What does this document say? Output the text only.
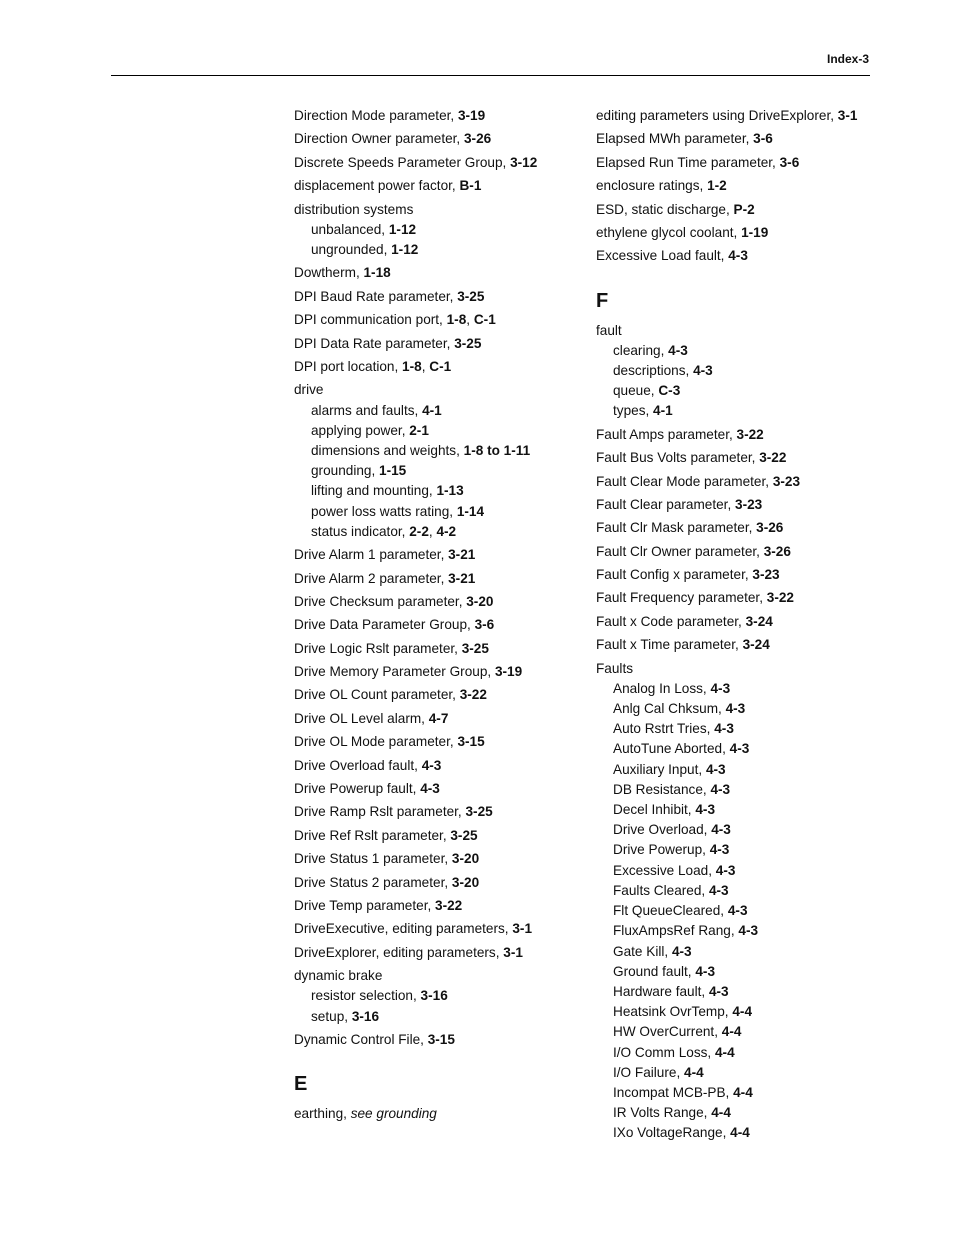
Index-3
Direction Mode parameter, 3-19
Direction Owner parameter, 3-26
Discrete Speeds Parameter Group, 3-12
displacement power factor, B-1
distribution systems
unbalanced, 1-12
ungrounded, 1-12
Dowtherm, 1-18
DPI Baud Rate parameter, 3-25
DPI communication port, 1-8, C-1
DPI Data Rate parameter, 3-25
DPI port location, 1-8, C-1
drive
alarms and faults, 4-1
applying power, 2-1
dimensions and weights, 1-8 to 1-11
grounding, 1-15
lifting and mounting, 1-13
power loss watts rating, 1-14
status indicator, 2-2, 4-2
Drive Alarm 1 parameter, 3-21
Drive Alarm 2 parameter, 3-21
Drive Checksum parameter, 3-20
Drive Data Parameter Group, 3-6
Drive Logic Rslt parameter, 3-25
Drive Memory Parameter Group, 3-19
Drive OL Count parameter, 3-22
Drive OL Level alarm, 4-7
Drive OL Mode parameter, 3-15
Drive Overload fault, 4-3
Drive Powerup fault, 4-3
Drive Ramp Rslt parameter, 3-25
Drive Ref Rslt parameter, 3-25
Drive Status 1 parameter, 3-20
Drive Status 2 parameter, 3-20
Drive Temp parameter, 3-22
DriveExecutive, editing parameters, 3-1
DriveExplorer, editing parameters, 3-1
dynamic brake
resistor selection, 3-16
setup, 3-16
Dynamic Control File, 3-15
E
earthing, see grounding
editing parameters using DriveExplorer, 3-1
Elapsed MWh parameter, 3-6
Elapsed Run Time parameter, 3-6
enclosure ratings, 1-2
ESD, static discharge, P-2
ethylene glycol coolant, 1-19
Excessive Load fault, 4-3
F
fault
clearing, 4-3
descriptions, 4-3
queue, C-3
types, 4-1
Fault Amps parameter, 3-22
Fault Bus Volts parameter, 3-22
Fault Clear Mode parameter, 3-23
Fault Clear parameter, 3-23
Fault Clr Mask parameter, 3-26
Fault Clr Owner parameter, 3-26
Fault Config x parameter, 3-23
Fault Frequency parameter, 3-22
Fault x Code parameter, 3-24
Fault x Time parameter, 3-24
Faults
Analog In Loss, 4-3
Anlg Cal Chksum, 4-3
Auto Rstrt Tries, 4-3
AutoTune Aborted, 4-3
Auxiliary Input, 4-3
DB Resistance, 4-3
Decel Inhibit, 4-3
Drive Overload, 4-3
Drive Powerup, 4-3
Excessive Load, 4-3
Faults Cleared, 4-3
Flt QueueCleared, 4-3
FluxAmpsRef Rang, 4-3
Gate Kill, 4-3
Ground fault, 4-3
Hardware fault, 4-3
Heatsink OvrTemp, 4-4
HW OverCurrent, 4-4
I/O Comm Loss, 4-4
I/O Failure, 4-4
Incompat MCB-PB, 4-4
IR Volts Range, 4-4
IXo VoltageRange, 4-4
